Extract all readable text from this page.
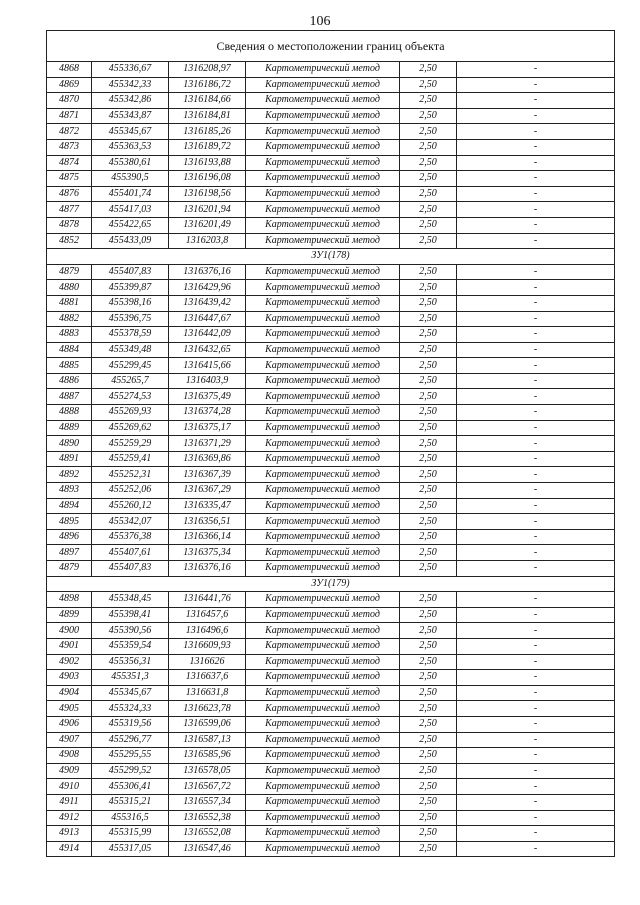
106
Сведения о местоположении границ объекта					
4868	455336,67	1316208,97	Картометрический метод	2,50	-
4869	455342,33	1316186,72	Картометрический метод	2,50	-
4870	455342,86	1316184,66	Картометрический метод	2,50	-
4871	455343,87	1316184,81	Картометрический метод	2,50	-
4872	455345,67	1316185,26	Картометрический метод	2,50	-
4873	455363,53	1316189,72	Картометрический метод	2,50	-
4874	455380,61	1316193,88	Картометрический метод	2,50	-
4875	455390,5	1316196,08	Картометрический метод	2,50	-
4876	455401,74	1316198,56	Картометрический метод	2,50	-
4877	455417,03	1316201,94	Картометрический метод	2,50	-
4878	455422,65	1316201,49	Картометрический метод	2,50	-
4852	455433,09	1316203,8	Картометрический метод	2,50	-
ЗУ1(178)					
4879	455407,83	1316376,16	Картометрический метод	2,50	-
4880	455399,87	1316429,96	Картометрический метод	2,50	-
4881	455398,16	1316439,42	Картометрический метод	2,50	-
4882	455396,75	1316447,67	Картометрический метод	2,50	-
4883	455378,59	1316442,09	Картометрический метод	2,50	-
4884	455349,48	1316432,65	Картометрический метод	2,50	-
4885	455299,45	1316415,66	Картометрический метод	2,50	-
4886	455265,7	1316403,9	Картометрический метод	2,50	-
4887	455274,53	1316375,49	Картометрический метод	2,50	-
4888	455269,93	1316374,28	Картометрический метод	2,50	-
4889	455269,62	1316375,17	Картометрический метод	2,50	-
4890	455259,29	1316371,29	Картометрический метод	2,50	-
4891	455259,41	1316369,86	Картометрический метод	2,50	-
4892	455252,31	1316367,39	Картометрический метод	2,50	-
4893	455252,06	1316367,29	Картометрический метод	2,50	-
4894	455260,12	1316335,47	Картометрический метод	2,50	-
4895	455342,07	1316356,51	Картометрический метод	2,50	-
4896	455376,38	1316366,14	Картометрический метод	2,50	-
4897	455407,61	1316375,34	Картометрический метод	2,50	-
4879	455407,83	1316376,16	Картометрический метод	2,50	-
ЗУ1(179)					
4898	455348,45	1316441,76	Картометрический метод	2,50	-
4899	455398,41	1316457,6	Картометрический метод	2,50	-
4900	455390,56	1316496,6	Картометрический метод	2,50	-
4901	455359,54	1316609,93	Картометрический метод	2,50	-
4902	455356,31	1316626	Картометрический метод	2,50	-
4903	455351,3	1316637,6	Картометрический метод	2,50	-
4904	455345,67	1316631,8	Картометрический метод	2,50	-
4905	455324,33	1316623,78	Картометрический метод	2,50	-
4906	455319,56	1316599,06	Картометрический метод	2,50	-
4907	455296,77	1316587,13	Картометрический метод	2,50	-
4908	455295,55	1316585,96	Картометрический метод	2,50	-
4909	455299,52	1316578,05	Картометрический метод	2,50	-
4910	455306,41	1316567,72	Картометрический метод	2,50	-
4911	455315,21	1316557,34	Картометрический метод	2,50	-
4912	455316,5	1316552,38	Картометрический метод	2,50	-
4913	455315,99	1316552,08	Картометрический метод	2,50	-
4914	455317,05	1316547,46	Картометрический метод	2,50	-
